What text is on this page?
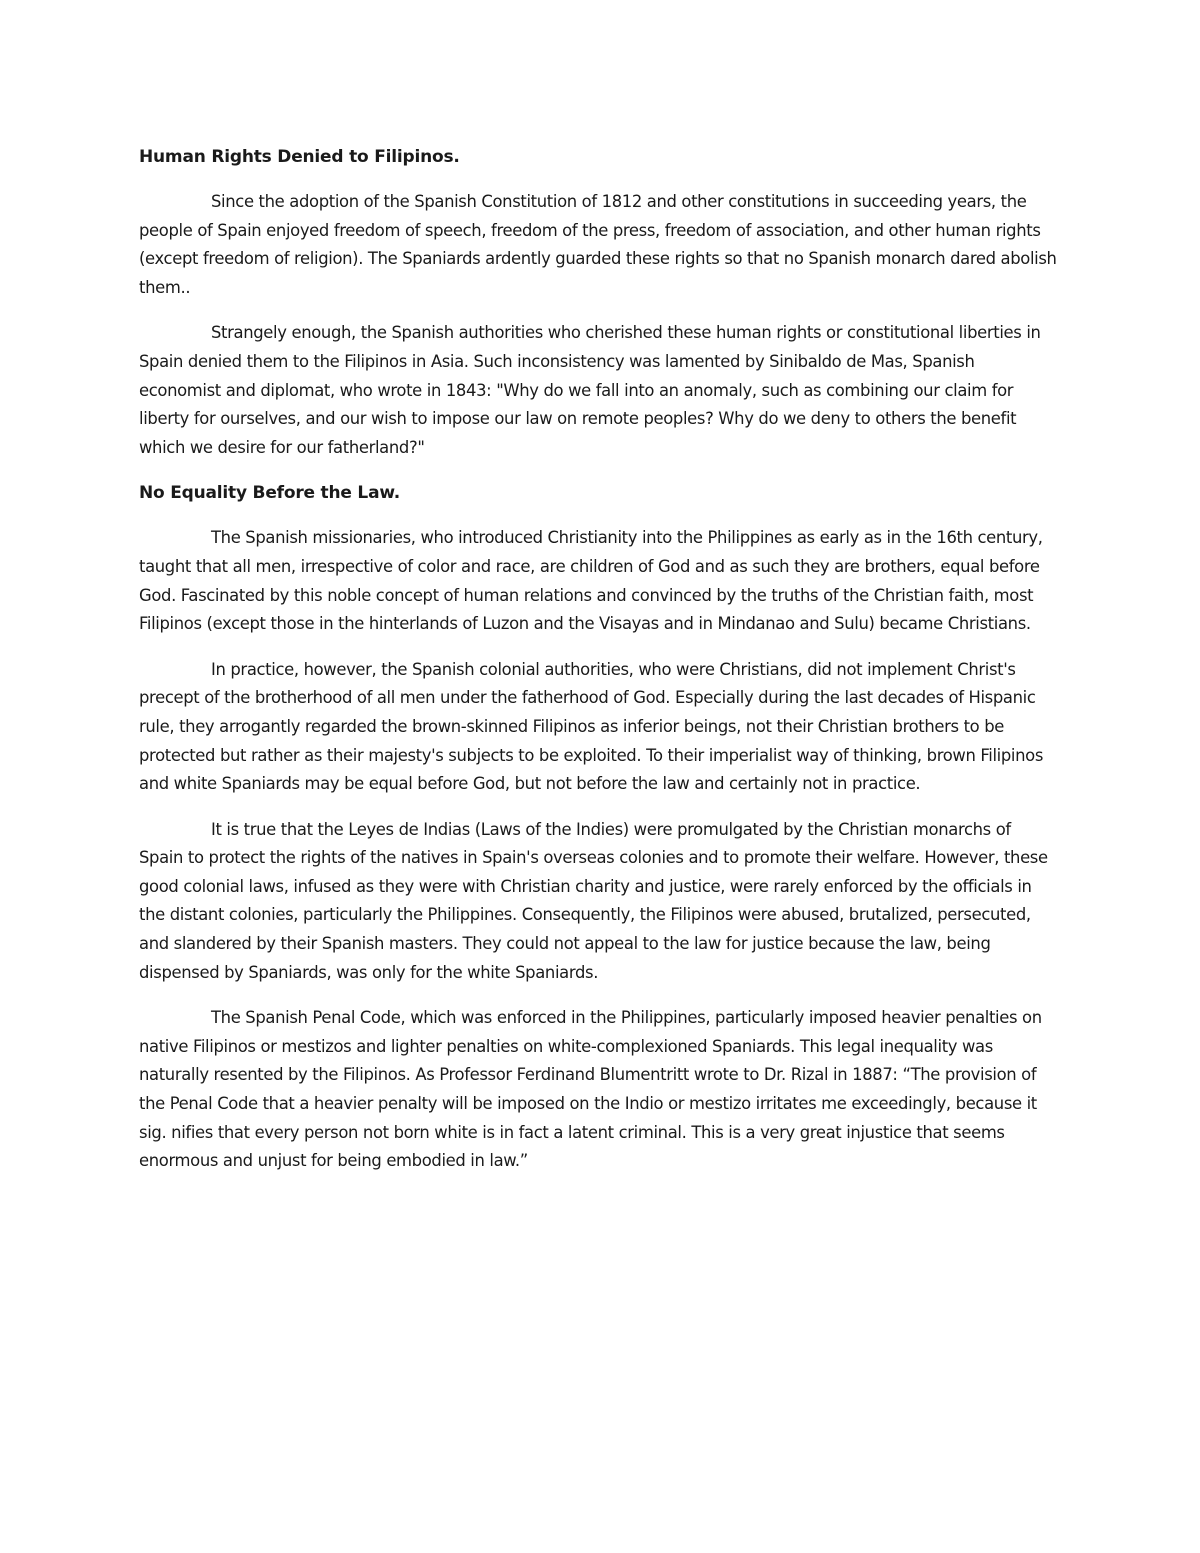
Human Rights Denied to Filipinos.

Since the adoption of the Spanish Constitution of 1812 and other constitutions in succeeding years, the people of Spain enjoyed freedom of speech, freedom of the press, freedom of association, and other human rights (except freedom of religion). The Spaniards ardently guarded these rights so that no Spanish monarch dared abolish them..

Strangely enough, the Spanish authorities who cherished these human rights or constitutional liberties in Spain denied them to the Filipinos in Asia. Such inconsistency was lamented by Sinibaldo de Mas, Spanish economist and diplomat, who wrote in 1843: "Why do we fall into an anomaly, such as combining our claim for liberty for ourselves, and our wish to impose our law on remote peoples? Why do we deny to others the benefit which we desire for our fatherland?"

No Equality Before the Law.

The Spanish missionaries, who introduced Christianity into the Philippines as early as in the 16th century, taught that all men, irrespective of color and race, are children of God and as such they are brothers, equal before God. Fascinated by this noble concept of human relations and convinced by the truths of the Christian faith, most Filipinos (except those in the hinterlands of Luzon and the Visayas and in Mindanao and Sulu) became Christians.

In practice, however, the Spanish colonial authorities, who were Christians, did not implement Christ's precept of the brotherhood of all men under the fatherhood of God. Especially during the last decades of Hispanic rule, they arrogantly regarded the brown-skinned Filipinos as inferior beings, not their Christian brothers to be protected but rather as their majesty's subjects to be exploited. To their imperialist way of thinking, brown Filipinos and white Spaniards may be equal before God, but not before the law and certainly not in practice.

It is true that the Leyes de Indias (Laws of the Indies) were promulgated by the Christian monarchs of Spain to protect the rights of the natives in Spain's overseas colonies and to promote their welfare. However, these good colonial laws, infused as they were with Christian charity and justice, were rarely enforced by the officials in the distant colonies, particularly the Philippines. Consequently, the Filipinos were abused, brutalized, persecuted, and slandered by their Spanish masters. They could not appeal to the law for justice because the law, being dispensed by Spaniards, was only for the white Spaniards.

The Spanish Penal Code, which was enforced in the Philippines, particularly imposed heavier penalties on native Filipinos or mestizos and lighter penalties on white-complexioned Spaniards. This legal inequality was naturally resented by the Filipinos. As Professor Ferdinand Blumentritt wrote to Dr. Rizal in 1887: “The provision of the Penal Code that a heavier penalty will be imposed on the Indio or mestizo irritates me exceedingly, because it sig. nifies that every person not born white is in fact a latent criminal. This is a very great injustice that seems enormous and unjust for being embodied in law.”
